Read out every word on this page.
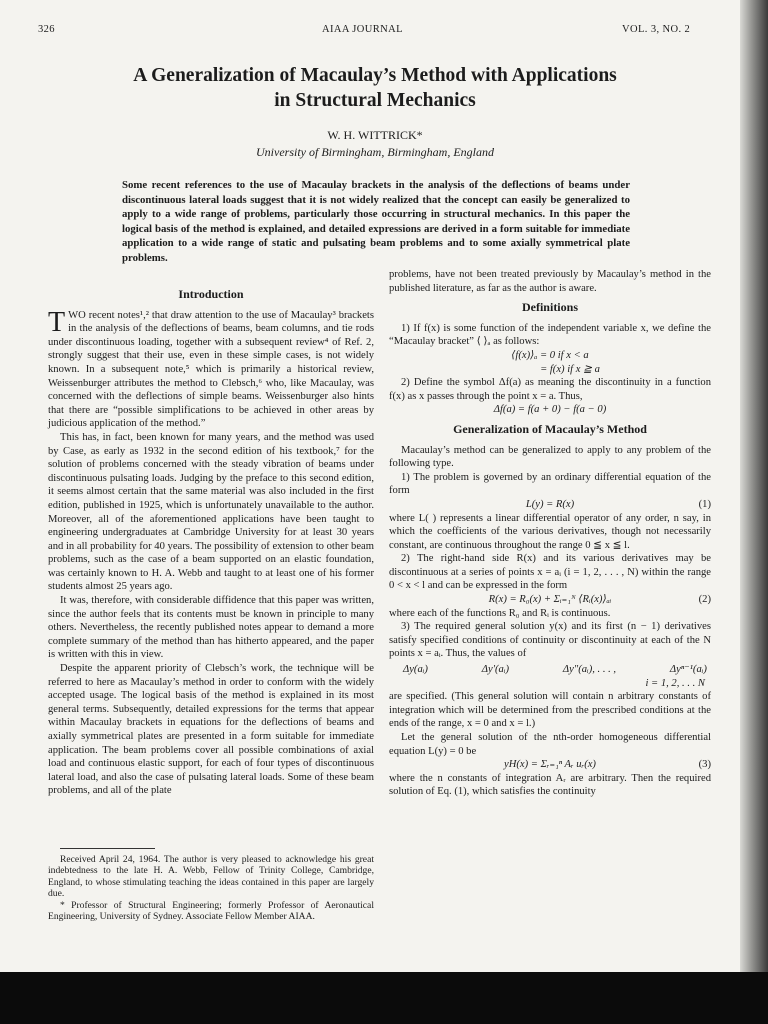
326	AIAA JOURNAL	VOL. 3, NO. 2
A Generalization of Macaulay’s Method with Applications
in Structural Mechanics
W. H. WITTRICK*
University of Birmingham, Birmingham, England
Some recent references to the use of Macaulay brackets in the analysis of the deflections of beams under discontinuous lateral loads suggest that it is not widely realized that the concept can easily be generalized to apply to a wide range of problems, particularly those occurring in structural mechanics. In this paper the logical basis of the method is explained, and detailed expressions are derived in a form suitable for immediate application to a wide range of static and pulsating beam problems and to some axially symmetrical plate problems.
Introduction

TWO recent notes¹,² that draw attention to the use of Macaulay³ brackets in the analysis of the deflections of beams, beam columns, and tie rods under discontinuous loading, together with a subsequent review⁴ of Ref. 2, strongly suggest that their use, even in these simple cases, is not widely known. In a subsequent note,⁵ which is primarily a historical review, Weissenburger attributes the method to Clebsch,⁶ who, like Macaulay, was concerned with the deflections of simple beams. Weissenburger also hints that there are “possible simplifications to be achieved in other areas by judicious application of the method.”

This has, in fact, been known for many years, and the method was used by Case, as early as 1932 in the second edition of his textbook,⁷ for the solution of problems concerned with the steady vibration of beams under discontinuous pulsating loads. Judging by the preface to this second edition, it seems almost certain that the same material was also included in the first edition, published in 1925, which is unfortunately unavailable to the author. Moreover, all of the aforementioned applications have been taught to engineering undergraduates at Cambridge University for at least 30 years and in all probability for 40 years. The possibility of extension to other beam problems, such as the case of a beam supported on an elastic foundation, was certainly known to H. A. Webb and taught to at least one of his former students almost 25 years ago.

It was, therefore, with considerable diffidence that this paper was written, since the author feels that its contents must be known in principle to many others. Nevertheless, the recently published notes appear to demand a more complete summary of the method than has hitherto appeared, and the paper is written with this in view.

Despite the apparent priority of Clebsch’s work, the technique will be referred to here as Macaulay’s method in order to conform with the widely accepted usage. The logical basis of the method is explained in its most general terms. Subsequently, detailed expressions for the terms that appear within Macaulay brackets in equations for the deflections of beams and axially symmetrical plates are presented in a form suitable for immediate application. The beam problems cover all possible combinations of axial load and continuous elastic support, for each of four types of discontinuous lateral load, and also the case of pulsating lateral loads. Some of these beam problems, and all of the plate

Received April 24, 1964. The author is very pleased to acknowledge his great indebtedness to the late H. A. Webb, Fellow of Trinity College, Cambridge, England, to whose stimulating teaching the ideas contained in this paper are largely due.

* Professor of Structural Engineering; formerly Professor of Aeronautical Engineering, University of Sydney. Associate Fellow Member AIAA.

problems, have not been treated previously by Macaulay’s method in the published literature, as far as the author is aware.

Definitions

1) If f(x) is some function of the independent variable x, we define the “Macaulay bracket” ⟨ ⟩ₐ as follows:

⟨f(x)⟩ₐ = 0 if x < a

= f(x) if x ≧ a

2) Define the symbol Δf(a) as meaning the discontinuity in a function f(x) as x passes through the point x = a. Thus,

Δf(a) = f(a + 0) − f(a − 0)

Generalization of Macaulay’s Method

Macaulay’s method can be generalized to apply to any problem of the following type.

1) The problem is governed by an ordinary differential equation of the form

L(y) = R(x)	(1)

where L( ) represents a linear differential operator of any order, n say, in which the coefficients of the various derivatives, though not necessarily constant, are continuous throughout the range 0 ≦ x ≦ l.

2) The right-hand side R(x) and its various derivatives may be discontinuous at a series of points x = aᵢ (i = 1, 2, . . . , N) within the range 0 < x < l and can be expressed in the form

R(x) = R₀(x) + Σᵢ₌₁ᴺ ⟨Rᵢ(x)⟩ₐᵢ	(2)

where each of the functions R₀ and Rᵢ is continuous.

3) The required general solution y(x) and its first (n − 1) derivatives satisfy specified conditions of continuity or discontinuity at each of the N points x = aᵢ. Thus, the values of

Δy(aᵢ)	Δy′(aᵢ)	Δy″(aᵢ), . . . ,	Δyⁿ⁻¹(aᵢ)
i = 1, 2, . . . N

are specified. (This general solution will contain n arbitrary constants of integration which will be determined from the prescribed conditions at the ends of the range, x = 0 and x = l.)

Let the general solution of the nth-order homogeneous differential equation L(y) = 0 be

yH(x) = Σᵣ₌₁ⁿ Aᵣ uᵣ(x)	(3)

where the n constants of integration Aᵣ are arbitrary. Then the required solution of Eq. (1), which satisfies the continuity
